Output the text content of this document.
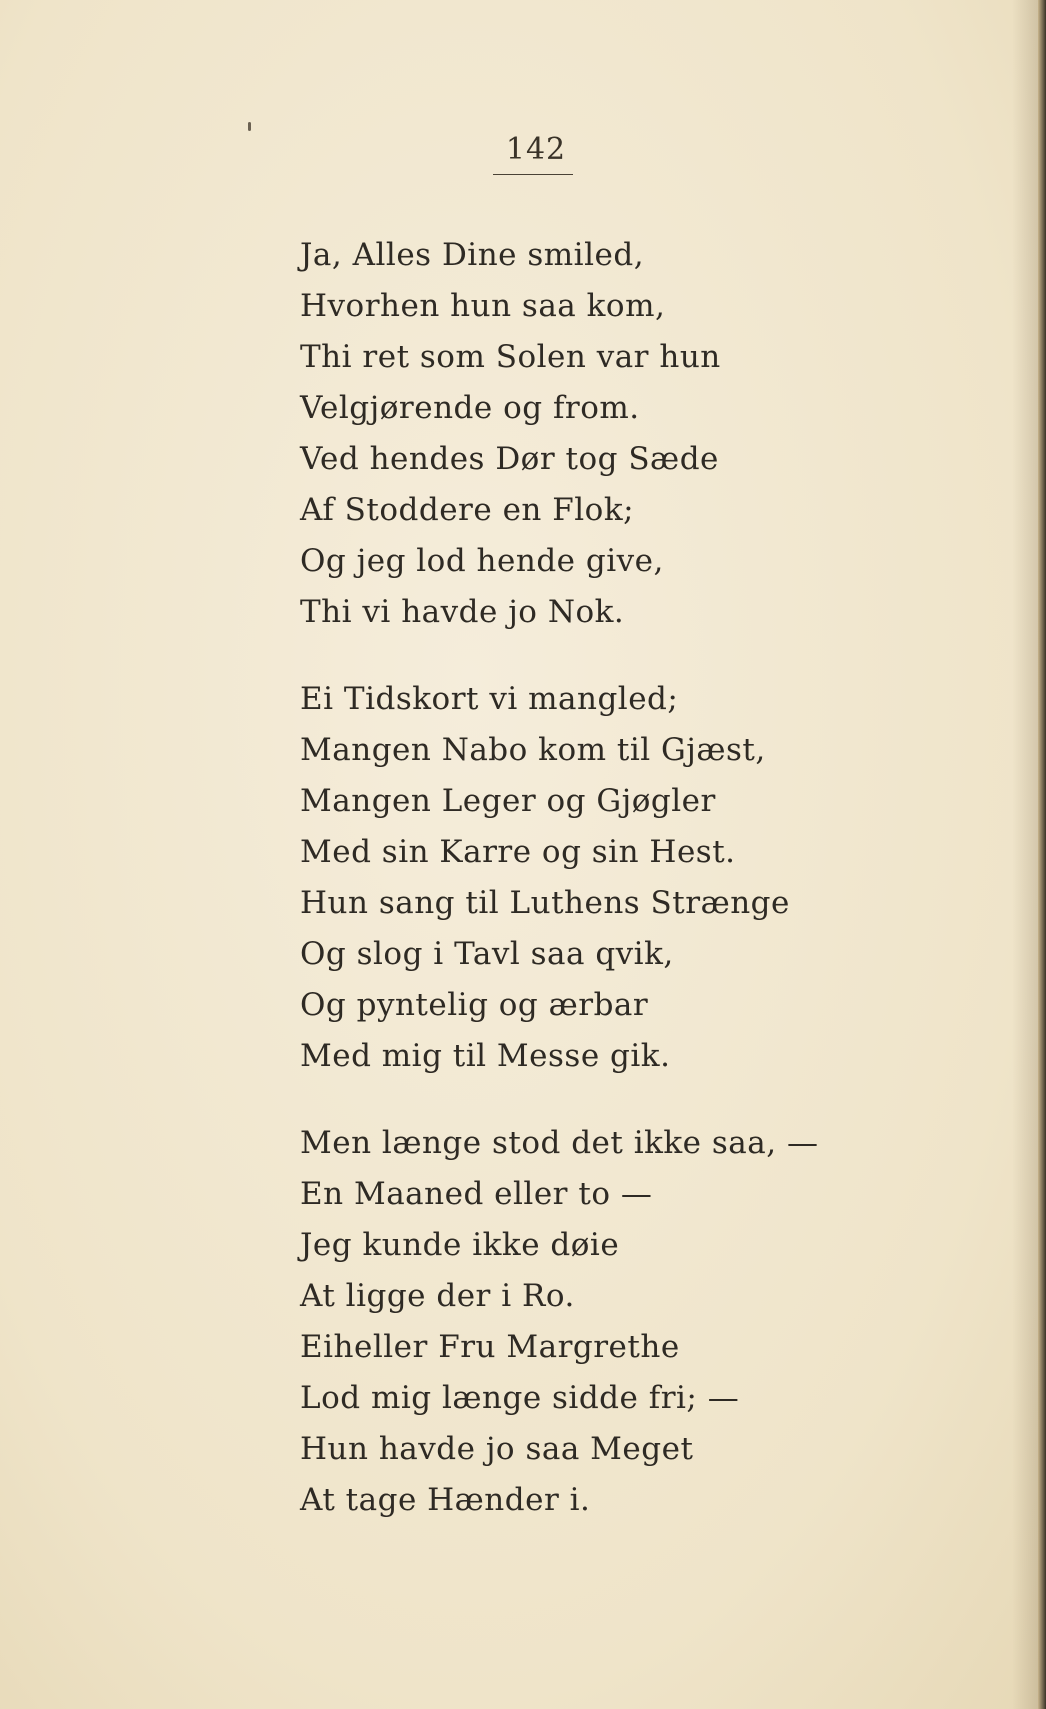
142
Ja, Alles Dine smiled,
Hvorhen hun saa kom,
Thi ret som Solen var hun
Velgjørende og from.
Ved hendes Dør tog Sæde
Af Stoddere en Flok;
Og jeg lod hende give,
Thi vi havde jo Nok.
Ei Tidskort vi mangled;
Mangen Nabo kom til Gjæst,
Mangen Leger og Gjøgler
Med sin Karre og sin Hest.
Hun sang til Luthens Strænge
Og slog i Tavl saa qvik,
Og pyntelig og ærbar
Med mig til Messe gik.
Men længe stod det ikke saa, —
En Maaned eller to —
Jeg kunde ikke døie
At ligge der i Ro.
Eiheller Fru Margrethe
Lod mig længe sidde fri; —
Hun havde jo saa Meget
At tage Hænder i.
